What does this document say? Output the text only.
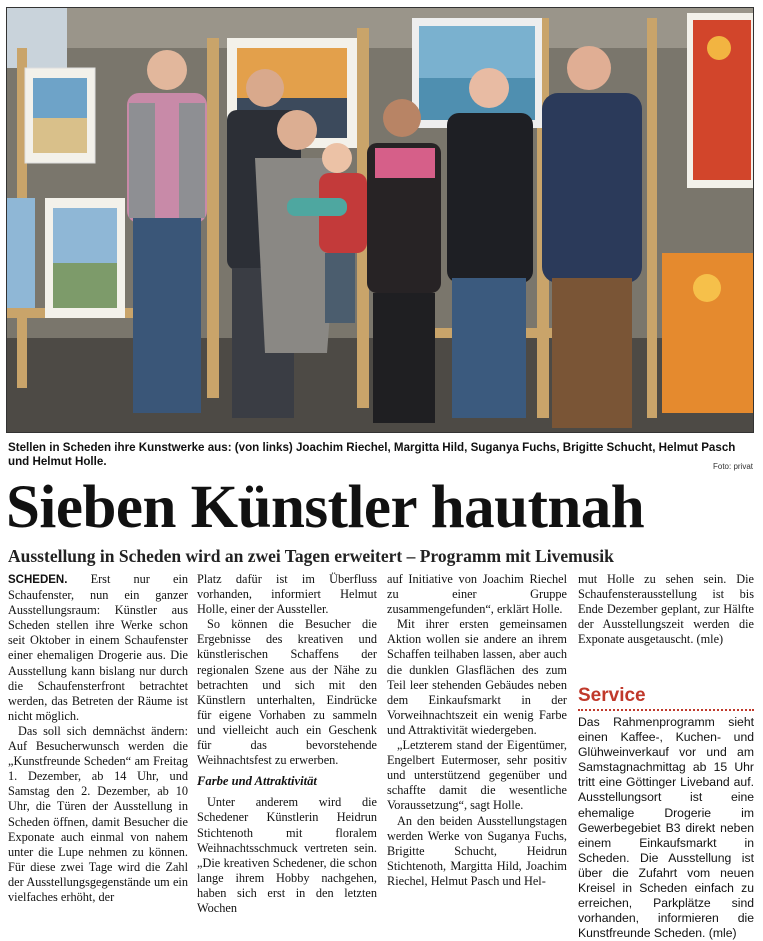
Stellen in Scheden ihre Kunstwerke aus: (von links) Joachim Riechel, Margitta Hild, Suganya Fuchs, Brigitte Schucht, Helmut Pasch und Helmut Holle.	Foto: privat
Sieben Künstler hautnah
Ausstellung in Scheden wird an zwei Tagen erweitert – Programm mit Livemusik

SCHEDEN. Erst nur ein Schaufenster, nun ein ganzer Ausstellungsraum: Künstler aus Scheden stellen ihre Werke schon seit Oktober in einem Schaufenster einer ehemaligen Drogerie aus. Die Ausstellung kann bislang nur durch die Schaufensterfront betrachtet werden, das Betreten der Räume ist nicht möglich.

Das soll sich demnächst ändern: Auf Besucherwunsch werden die „Kunstfreunde Scheden“ am Freitag 1. Dezember, ab 14 Uhr, und Samstag den 2. Dezember, ab 10 Uhr, die Türen der Ausstellung in Scheden öffnen, damit Besucher die Exponate auch einmal von nahem unter die Lupe nehmen zu können. Für diese zwei Tage wird die Zahl der Ausstellungsgegenstände um ein vielfaches erhöht, der

Platz dafür ist im Überfluss vorhanden, informiert Helmut Holle, einer der Aussteller.

So können die Besucher die Ergebnisse des kreativen und künstlerischen Schaffens der regionalen Szene aus der Nähe zu betrachten und sich mit den Künstlern unterhalten, Eindrücke für eigene Vorhaben zu sammeln und vielleicht auch ein Geschenk für das bevorstehende Weihnachtsfest zu erwerben.

Farbe und Attraktivität

Unter anderem wird die Schedener Künstlerin Heidrun Stichtenoth mit floralem Weihnachtsschmuck vertreten sein. „Die kreativen Schedener, die schon lange ihrem Hobby nachgehen, haben sich erst in den letzten Wochen

auf Initiative von Joachim Riechel zu einer Gruppe zusammengefunden“, erklärt Holle.

Mit ihrer ersten gemeinsamen Aktion wollen sie andere an ihrem Schaffen teilhaben lassen, aber auch die dunklen Glasflächen des zum Teil leer stehenden Gebäudes neben dem Einkaufsmarkt in der Vorweihnachtszeit ein wenig Farbe und Attraktivität wiedergeben.

„Letzterem stand der Eigentümer, Engelbert Eutermoser, sehr positiv und unterstützend gegenüber und schaffte damit die wesentliche Voraussetzung“, sagt Holle.

An den beiden Ausstellungstagen werden Werke von Suganya Fuchs, Brigitte Schucht, Heidrun Stichtenoth, Margitta Hild, Joachim Riechel, Helmut Pasch und Hel-

mut Holle zu sehen sein. Die Schaufensterausstellung ist bis Ende Dezember geplant, zur Hälfte der Ausstellungszeit werden die Exponate ausgetauscht. (mle)

Service
Das Rahmenprogramm sieht einen Kaffee-, Kuchen- und Glühweinverkauf vor und am Samstagnachmittag ab 15 Uhr tritt eine Göttinger Liveband auf. Ausstellungsort ist eine ehemalige Drogerie im Gewerbegebiet B3 direkt neben einem Einkaufsmarkt in Scheden. Die Ausstellung ist über die Zufahrt vom neuen Kreisel in Scheden einfach zu erreichen, Parkplätze sind vorhanden, informieren die Kunstfreunde Scheden. (mle)
